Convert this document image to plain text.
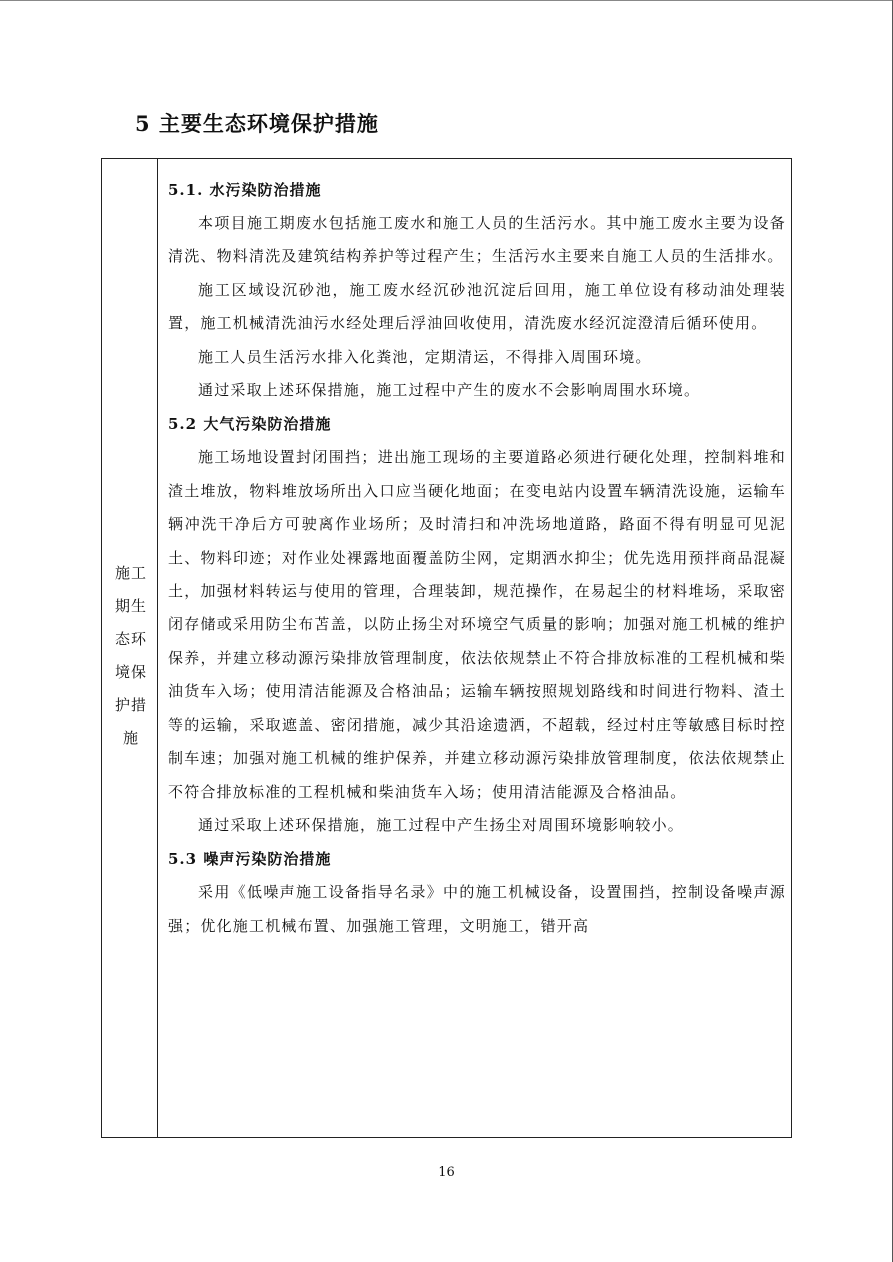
5 主要生态环境保护措施
施工期生态环境保护措施
5.1. 水污染防治措施

本项目施工期废水包括施工废水和施工人员的生活污水。其中施工废水主要为设备清洗、物料清洗及建筑结构养护等过程产生；生活污水主要来自施工人员的生活排水。

施工区域设沉砂池，施工废水经沉砂池沉淀后回用，施工单位设有移动油处理装置，施工机械清洗油污水经处理后浮油回收使用，清洗废水经沉淀澄清后循环使用。

施工人员生活污水排入化粪池，定期清运，不得排入周围环境。

通过采取上述环保措施，施工过程中产生的废水不会影响周围水环境。

5.2 大气污染防治措施

施工场地设置封闭围挡；进出施工现场的主要道路必须进行硬化处理，控制料堆和渣土堆放，物料堆放场所出入口应当硬化地面；在变电站内设置车辆清洗设施，运输车辆冲洗干净后方可驶离作业场所；及时清扫和冲洗场地道路，路面不得有明显可见泥土、物料印迹；对作业处裸露地面覆盖防尘网，定期洒水抑尘；优先选用预拌商品混凝土，加强材料转运与使用的管理，合理装卸，规范操作，在易起尘的材料堆场，采取密闭存储或采用防尘布苫盖，以防止扬尘对环境空气质量的影响；加强对施工机械的维护保养，并建立移动源污染排放管理制度，依法依规禁止不符合排放标准的工程机械和柴油货车入场；使用清洁能源及合格油品；运输车辆按照规划路线和时间进行物料、渣土等的运输，采取遮盖、密闭措施，减少其沿途遗洒，不超载，经过村庄等敏感目标时控制车速；加强对施工机械的维护保养，并建立移动源污染排放管理制度，依法依规禁止不符合排放标准的工程机械和柴油货车入场；使用清洁能源及合格油品。

通过采取上述环保措施，施工过程中产生扬尘对周围环境影响较小。

5.3 噪声污染防治措施

采用《低噪声施工设备指导名录》中的施工机械设备，设置围挡，控制设备噪声源强；优化施工机械布置、加强施工管理，文明施工，错开高

16
